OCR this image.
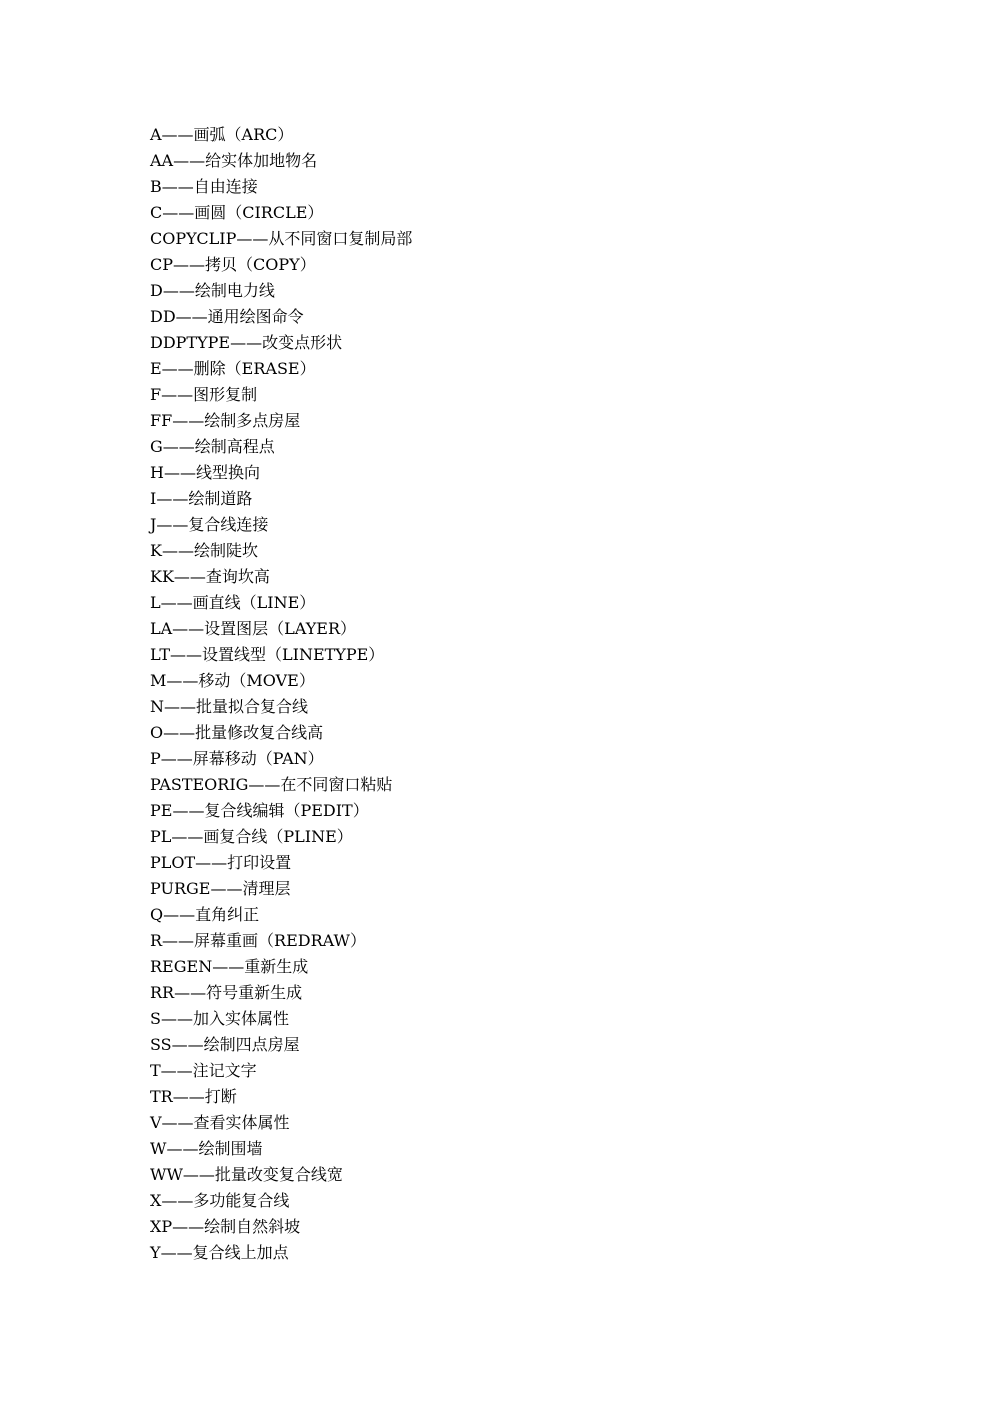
A——画弧（ARC）
AA——给实体加地物名
B——自由连接
C——画圆（CIRCLE）
COPYCLIP——从不同窗口复制局部
CP——拷贝（COPY）
D——绘制电力线
DD——通用绘图命令
DDPTYPE——改变点形状
E——删除（ERASE）
F——图形复制
FF——绘制多点房屋
G——绘制高程点
H——线型换向
I——绘制道路
J——复合线连接
K——绘制陡坎
KK——查询坎高
L——画直线（LINE）
LA——设置图层（LAYER）
LT——设置线型（LINETYPE）
M——移动（MOVE）
N——批量拟合复合线
O——批量修改复合线高
P——屏幕移动（PAN）
PASTEORIG——在不同窗口粘贴
PE——复合线编辑（PEDIT）
PL——画复合线（PLINE）
PLOT——打印设置
PURGE——清理层
Q——直角纠正
R——屏幕重画（REDRAW）
REGEN——重新生成
RR——符号重新生成
S——加入实体属性
SS——绘制四点房屋
T——注记文字
TR——打断
V——查看实体属性
W——绘制围墙
WW——批量改变复合线宽
X——多功能复合线
XP——绘制自然斜坡
Y——复合线上加点
